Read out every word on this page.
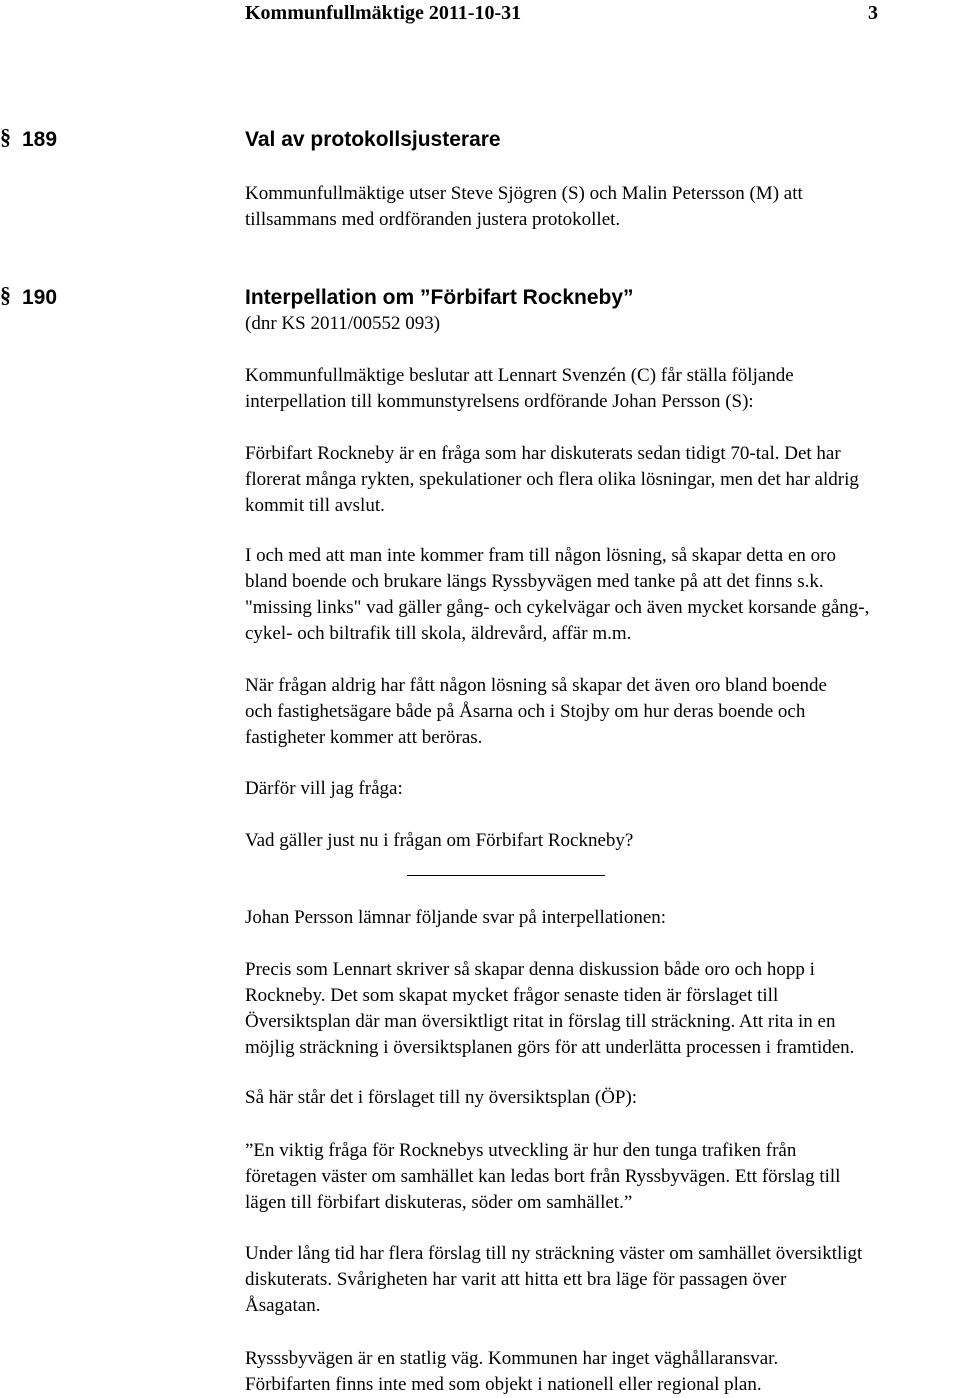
Kommunfullmäktige 2011-10-31	3
§ 189	Val av protokollsjusterare

Kommunfullmäktige utser Steve Sjögren (S) och Malin Petersson (M) att

tillsammans med ordföranden justera protokollet.

§ 190	Interpellation om ”Förbifart Rockneby”
(dnr KS 2011/00552 093)

Kommunfullmäktige beslutar att Lennart Svenzén (C) får ställa följande

interpellation till kommunstyrelsens ordförande Johan Persson (S):

Förbifart Rockneby är en fråga som har diskuterats sedan tidigt 70-tal. Det har

florerat många rykten, spekulationer och flera olika lösningar, men det har aldrig

kommit till avslut.

I och med att man inte kommer fram till någon lösning, så skapar detta en oro

bland boende och brukare längs Ryssbyvägen med tanke på att det finns s.k.

"missing links" vad gäller gång- och cykelvägar och även mycket korsande gång-,

cykel- och biltrafik till skola, äldrevård, affär m.m.

När frågan aldrig har fått någon lösning så skapar det även oro bland boende

och fastighetsägare både på Åsarna och i Stojby om hur deras boende och

fastigheter kommer att beröras.

Därför vill jag fråga:
Vad gäller just nu i frågan om Förbifart Rockneby?
Johan Persson lämnar följande svar på interpellationen:

Precis som Lennart skriver så skapar denna diskussion både oro och hopp i

Rockneby. Det som skapat mycket frågor senaste tiden är förslaget till

Översiktsplan där man översiktligt ritat in förslag till sträckning. Att rita in en

möjlig sträckning i översiktsplanen görs för att underlätta processen i framtiden.

Så här står det i förslaget till ny översiktsplan (ÖP):

”En viktig fråga för Rocknebys utveckling är hur den tunga trafiken från

företagen väster om samhället kan ledas bort från Ryssbyvägen. Ett förslag till

lägen till förbifart diskuteras, söder om samhället.”

Under lång tid har flera förslag till ny sträckning väster om samhället översiktligt

diskuterats. Svårigheten har varit att hitta ett bra läge för passagen över

Åsagatan.

Rysssbyvägen är en statlig väg. Kommunen har inget väghållaransvar.

Förbifarten finns inte med som objekt i nationell eller regional plan.
